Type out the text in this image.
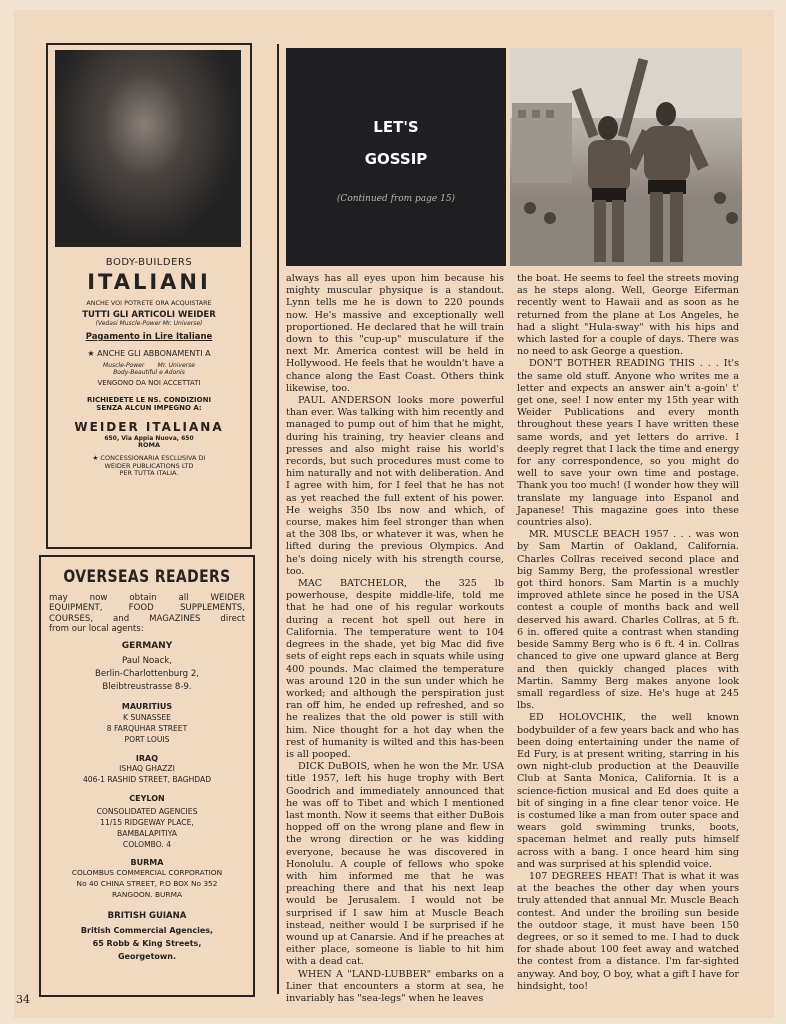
BODY-BUILDERS
ITALIANI
ANCHE VOI POTRETE ORA ACQUISTARE
TUTTI GLI ARTICOLI WEIDER
(Vedasi Muscle-Power Mr. Universe)
Pagamento in Lire Italiane
★ ANCHE GLI ABBONAMENTI A
Muscle-Power Mr. Universe
Body-Beautiful e Adonis
VENGONO DA NOI ACCETTATI
RICHIEDETE LE NS. CONDIZIONI
SENZA ALCUN IMPEGNO A:
WEIDER ITALIANA
650, Via Appia Nuova, 650
ROMA
★ CONCESSIONARIA ESCLUSIVA DI
WEIDER PUBLICATIONS LTD
PER TUTTA ITALIA.
OVERSEAS READERS
may now obtain all WEIDER
EQUIPMENT, FOOD SUPPLEMENTS,
COURSES, and MAGAZINES direct
from our local agents:
GERMANY
Paul Noack,
Berlin-Charlottenburg 2,
Bleibtreustrasse 8-9.
MAURITIUS
K SUNASSEE
8 FARQUHAR STREET
PORT LOUIS
IRAQ
ISHAQ GHAZZI
406-1 RASHID STREET, BAGHDAD
CEYLON
CONSOLIDATED AGENCIES
11/15 RIDGEWAY PLACE,
BAMBALAPITIYA
COLOMBO. 4
BURMA
COLOMBUS COMMERCIAL CORPORATION
No 40 CHINA STREET, P.O BOX No 352
RANGOON. BURMA
BRITISH GUIANA
British Commercial Agencies,
65 Robb & King Streets,
Georgetown.
LET'S
GOSSIP
(Continued from page 15)

always has all eyes upon him because his mighty muscular physique is a standout. Lynn tells me he is down to 220 pounds now. He's massive and exceptionally well proportioned. He declared that he will train down to this "cup-up" musculature if the next Mr. America contest will be held in Hollywood. He feels that he wouldn't have a chance along the East Coast. Others think likewise, too.

PAUL ANDERSON looks more powerful than ever. Was talking with him recently and managed to pump out of him that he might, during his training, try heavier cleans and presses and also might raise his world's records, but such procedures must come to him naturally and not with deliberation. And I agree with him, for I feel that he has not as yet reached the full extent of his power. He weighs 350 lbs now and which, of course, makes him feel stronger than when at the 308 lbs, or whatever it was, when he lifted during the previous Olympics. And he's doing nicely with his strength course, too.

MAC BATCHELOR, the 325 lb powerhouse, despite middle-life, told me that he had one of his regular workouts during a recent hot spell out here in California. The temperature went to 104 degrees in the shade, yet big Mac did five sets of eight reps each in squats while using 400 pounds. Mac claimed the temperature was around 120 in the sun under which he worked; and although the perspiration just ran off him, he ended up refreshed, and so he realizes that the old power is still with him. Nice thought for a hot day when the rest of humanity is wilted and this has-been is all pooped.

DICK DuBOIS, when he won the Mr. USA title 1957, left his huge trophy with Bert Goodrich and immediately announced that he was off to Tibet and which I mentioned last month. Now it seems that either DuBois hopped off on the wrong plane and flew in the wrong direction or he was kidding everyone, because he was discovered in Honolulu. A couple of fellows who spoke with him informed me that he was preaching there and that his next leap would be Jerusalem. I would not be surprised if I saw him at Muscle Beach instead, neither would I be surprised if he wound up at Canarsie. And if he preaches at either place, someone is liable to hit him with a dead cat.

WHEN A "LAND-LUBBER" embarks on a Liner that encounters a storm at sea, he invariably has "sea-legs" when he leaves

the boat. He seems to feel the streets moving as he steps along. Well, George Eiferman recently went to Hawaii and as soon as he returned from the plane at Los Angeles, he had a slight "Hula-sway" with his hips and which lasted for a couple of days. There was no need to ask George a question.

DON'T BOTHER READING THIS . . . It's the same old stuff. Anyone who writes me a letter and expects an answer ain't a-goin' t' get one, see! I now enter my 15th year with Weider Publications and every month throughout these years I have written these same words, and yet letters do arrive. I deeply regret that I lack the time and energy for any correspondence, so you might do well to save your own time and postage. Thank you too much! (I wonder how they will translate my language into Espanol and Japanese! This magazine goes into these countries also).

MR. MUSCLE BEACH 1957 . . . was won by Sam Martin of Oakland, California. Charles Collras received second place and big Sammy Berg, the professional wrestler got third honors. Sam Martin is a muchly improved athlete since he posed in the USA contest a couple of months back and well deserved his award. Charles Collras, at 5 ft. 6 in. offered quite a contrast when standing beside Sammy Berg who is 6 ft. 4 in. Collras chanced to give one upward glance at Berg and then quickly changed places with Martin. Sammy Berg makes anyone look small regardless of size. He's huge at 245 lbs.

ED HOLOVCHIK, the well known bodybuilder of a few years back and who has been doing entertaining under the name of Ed Fury, is at present writing, starring in his own night-club production at the Deauville Club at Santa Monica, California. It is a science-fiction musical and Ed does quite a bit of singing in a fine clear tenor voice. He is costumed like a man from outer space and wears gold swimming trunks, boots, spaceman helmet and really puts himself across with a bang. I once heard him sing and was surprised at his splendid voice.

107 DEGREES HEAT! That is what it was at the beaches the other day when yours truly attended that annual Mr. Muscle Beach contest. And under the broiling sun beside the outdoor stage, it must have been 150 degrees, or so it semed to me. I had to duck for shade about 100 feet away and watched the contest from a distance. I'm far-sighted anyway. And boy, O boy, what a gift I have for hindsight, too!

34
